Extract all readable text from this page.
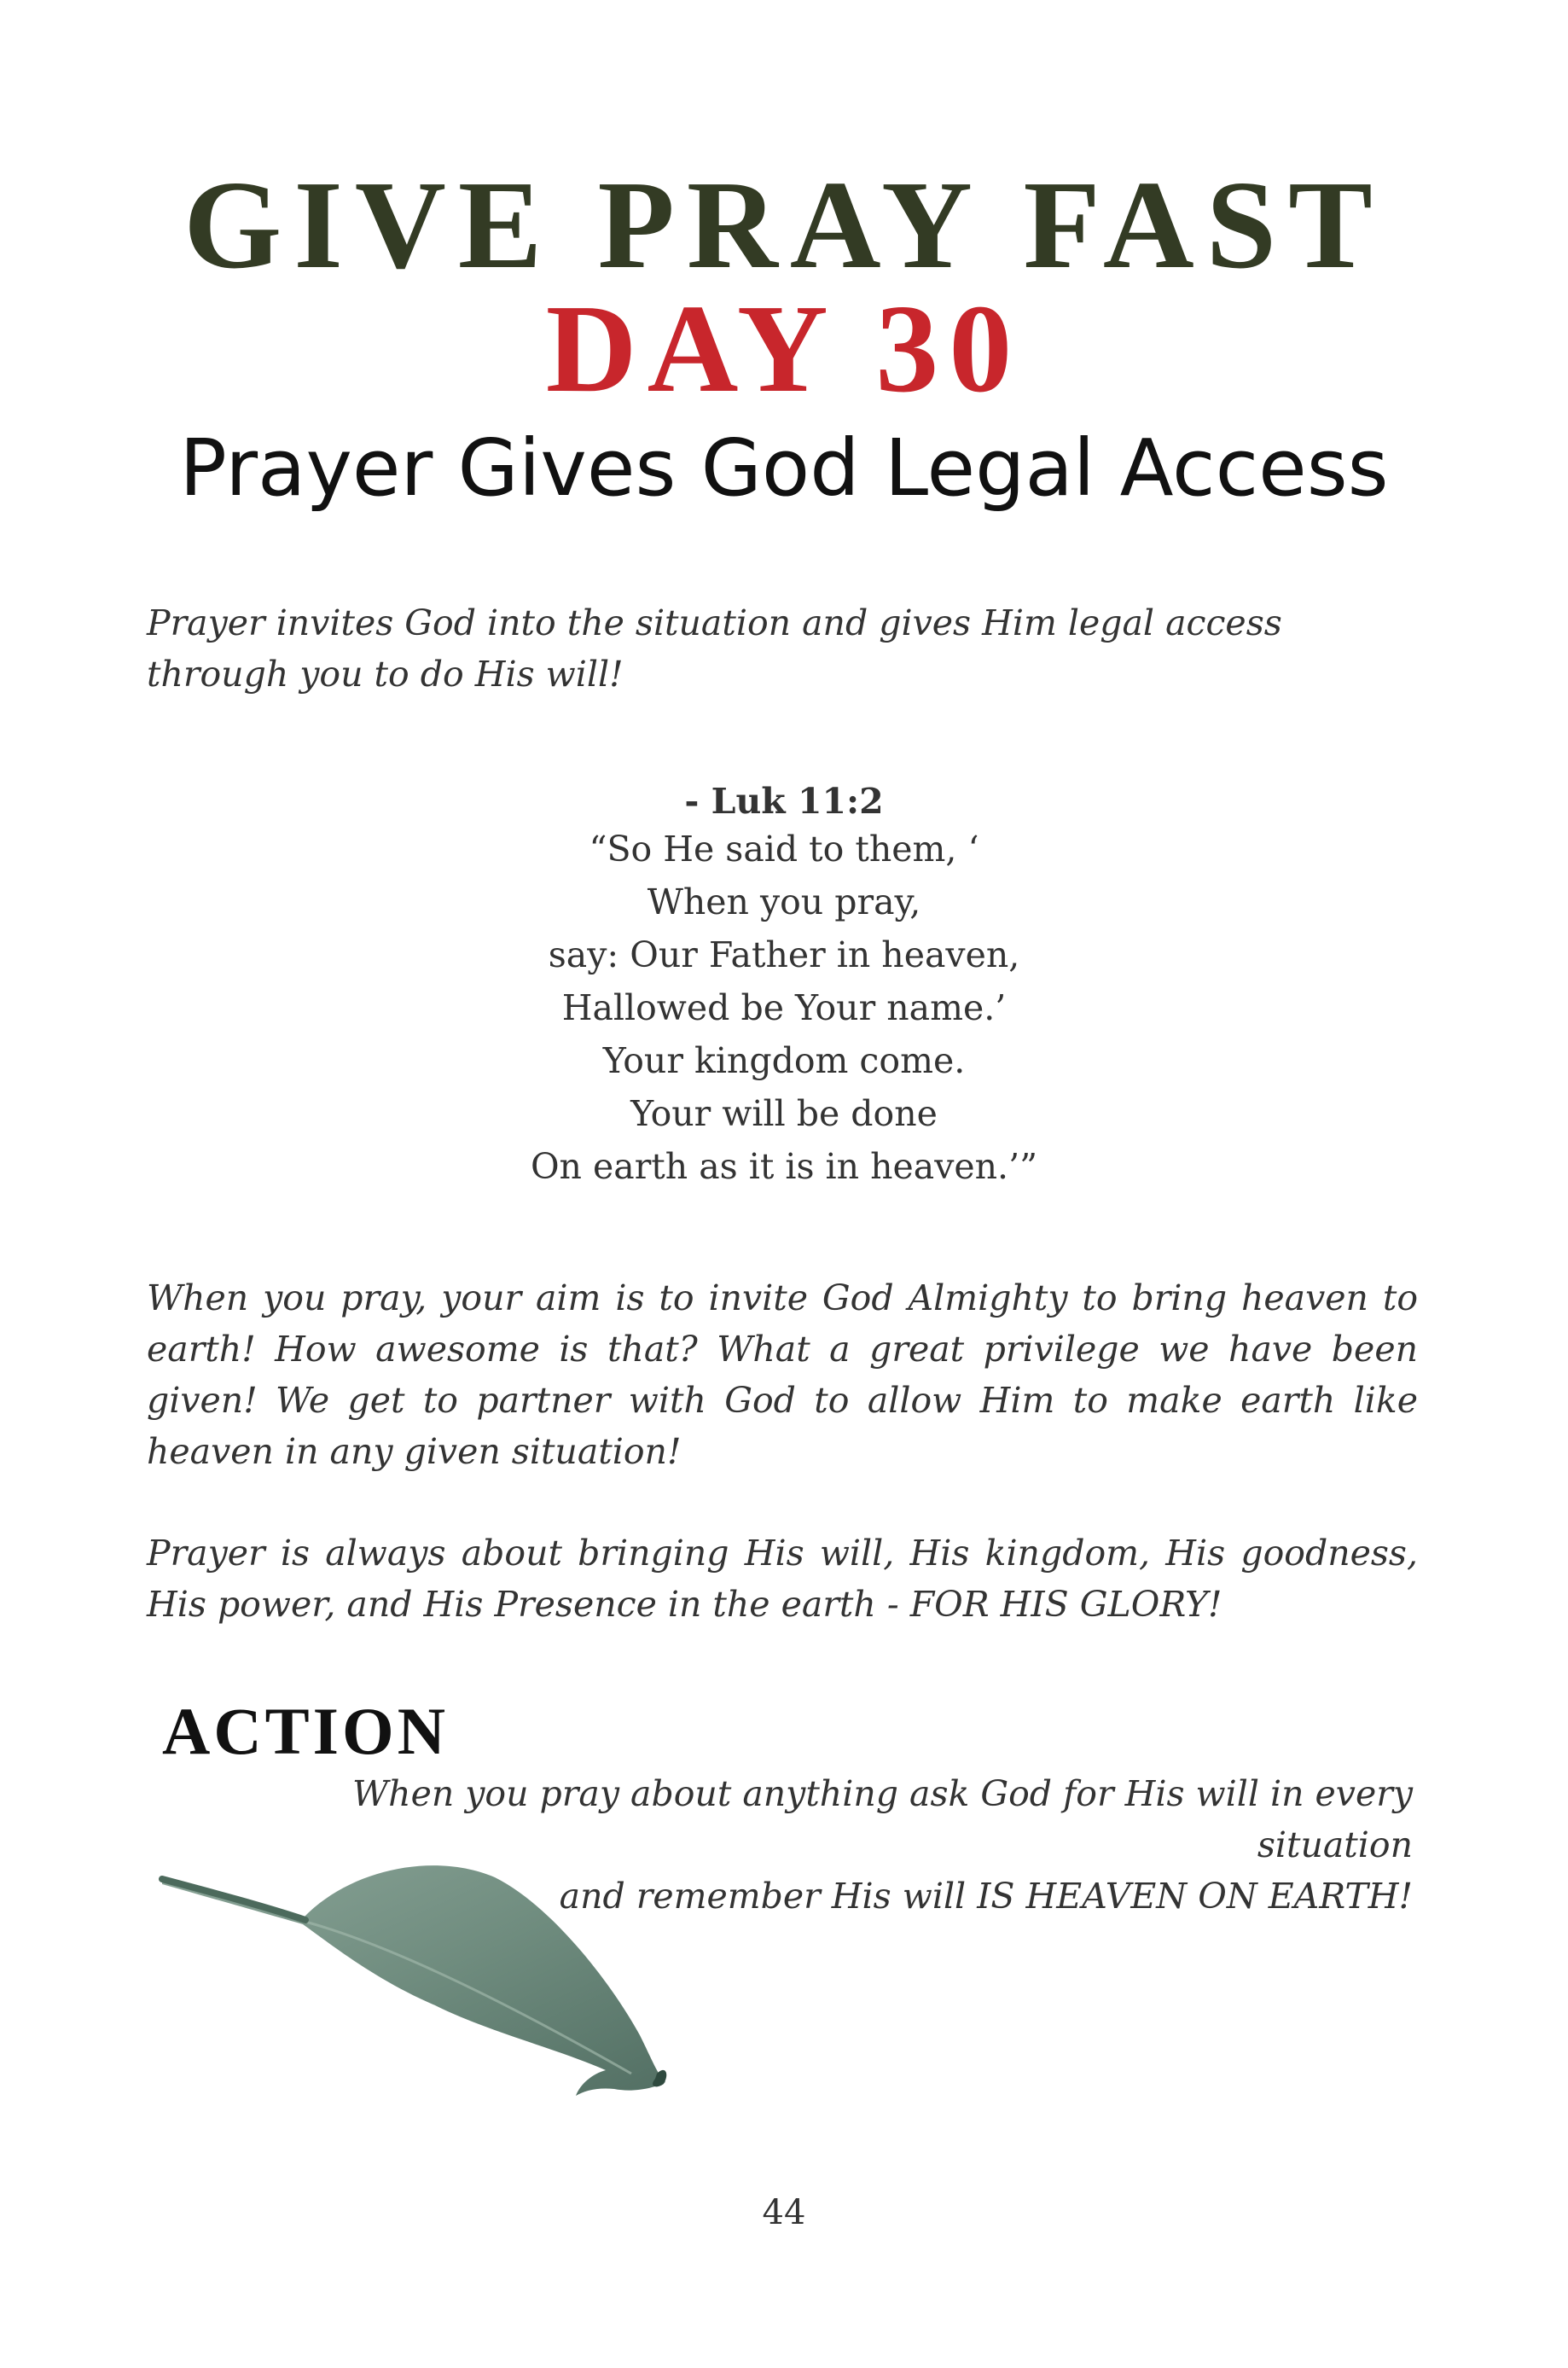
GIVE PRAY FAST
DAY 30
Prayer Gives God Legal Access
Prayer invites God into the situation and gives Him legal access through you to do His will!
- Luk 11:2
“So He said to them, ‘
When you pray,
say: Our Father in heaven,
Hallowed be Your name.’
Your kingdom come.
Your will be done
On earth as it is in heaven.’”
When you pray, your aim is to invite God Almighty to bring heaven to earth! How awesome is that? What a great privilege we have been given! We get to partner with God to allow Him to make earth like heaven in any given situation!
Prayer is always about bringing His will, His kingdom, His goodness, His power, and His Presence in the earth - FOR HIS GLORY!
ACTION
When you pray about anything ask God for His will in every situation
and remember His will IS HEAVEN ON EARTH!
44
